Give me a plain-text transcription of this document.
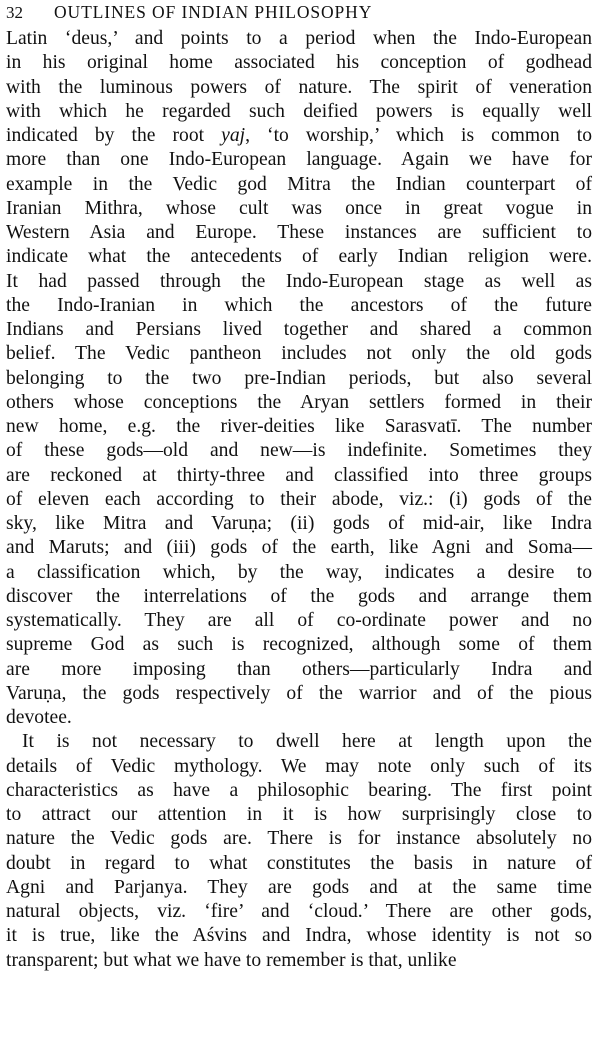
32	OUTLINES OF INDIAN PHILOSOPHY

Latin ‘deus,’ and points to a period when the Indo-European
in his original home associated his conception of godhead
with the luminous powers of nature. The spirit of veneration
with which he regarded such deified powers is equally well
indicated by the root yaj, ‘to worship,’ which is common to
more than one Indo-European language. Again we have for
example in the Vedic god Mitra the Indian counterpart of
Iranian Mithra, whose cult was once in great vogue in
Western Asia and Europe. These instances are sufficient to
indicate what the antecedents of early Indian religion were.
It had passed through the Indo-European stage as well as
the Indo-Iranian in which the ancestors of the future
Indians and Persians lived together and shared a common
belief. The Vedic pantheon includes not only the old gods
belonging to the two pre-Indian periods, but also several
others whose conceptions the Aryan settlers formed in their
new home, e.g. the river-deities like Sarasvatī. The number
of these gods—old and new—is indefinite. Sometimes they
are reckoned at thirty-three and classified into three groups
of eleven each according to their abode, viz.: (i) gods of the
sky, like Mitra and Varuṇa; (ii) gods of mid-air, like Indra
and Maruts; and (iii) gods of the earth, like Agni and Soma—
a classification which, by the way, indicates a desire to
discover the interrelations of the gods and arrange them
systematically. They are all of co-ordinate power and no
supreme God as such is recognized, although some of them
are more imposing than others—particularly Indra and
Varuṇa, the gods respectively of the warrior and of the pious
devotee.

It is not necessary to dwell here at length upon the
details of Vedic mythology. We may note only such of its
characteristics as have a philosophic bearing. The first point
to attract our attention in it is how surprisingly close to
nature the Vedic gods are. There is for instance absolutely no
doubt in regard to what constitutes the basis in nature of
Agni and Parjanya. They are gods and at the same time
natural objects, viz. ‘fire’ and ‘cloud.’ There are other gods,
it is true, like the Aśvins and Indra, whose identity is not so
transparent; but what we have to remember is that, unlike
